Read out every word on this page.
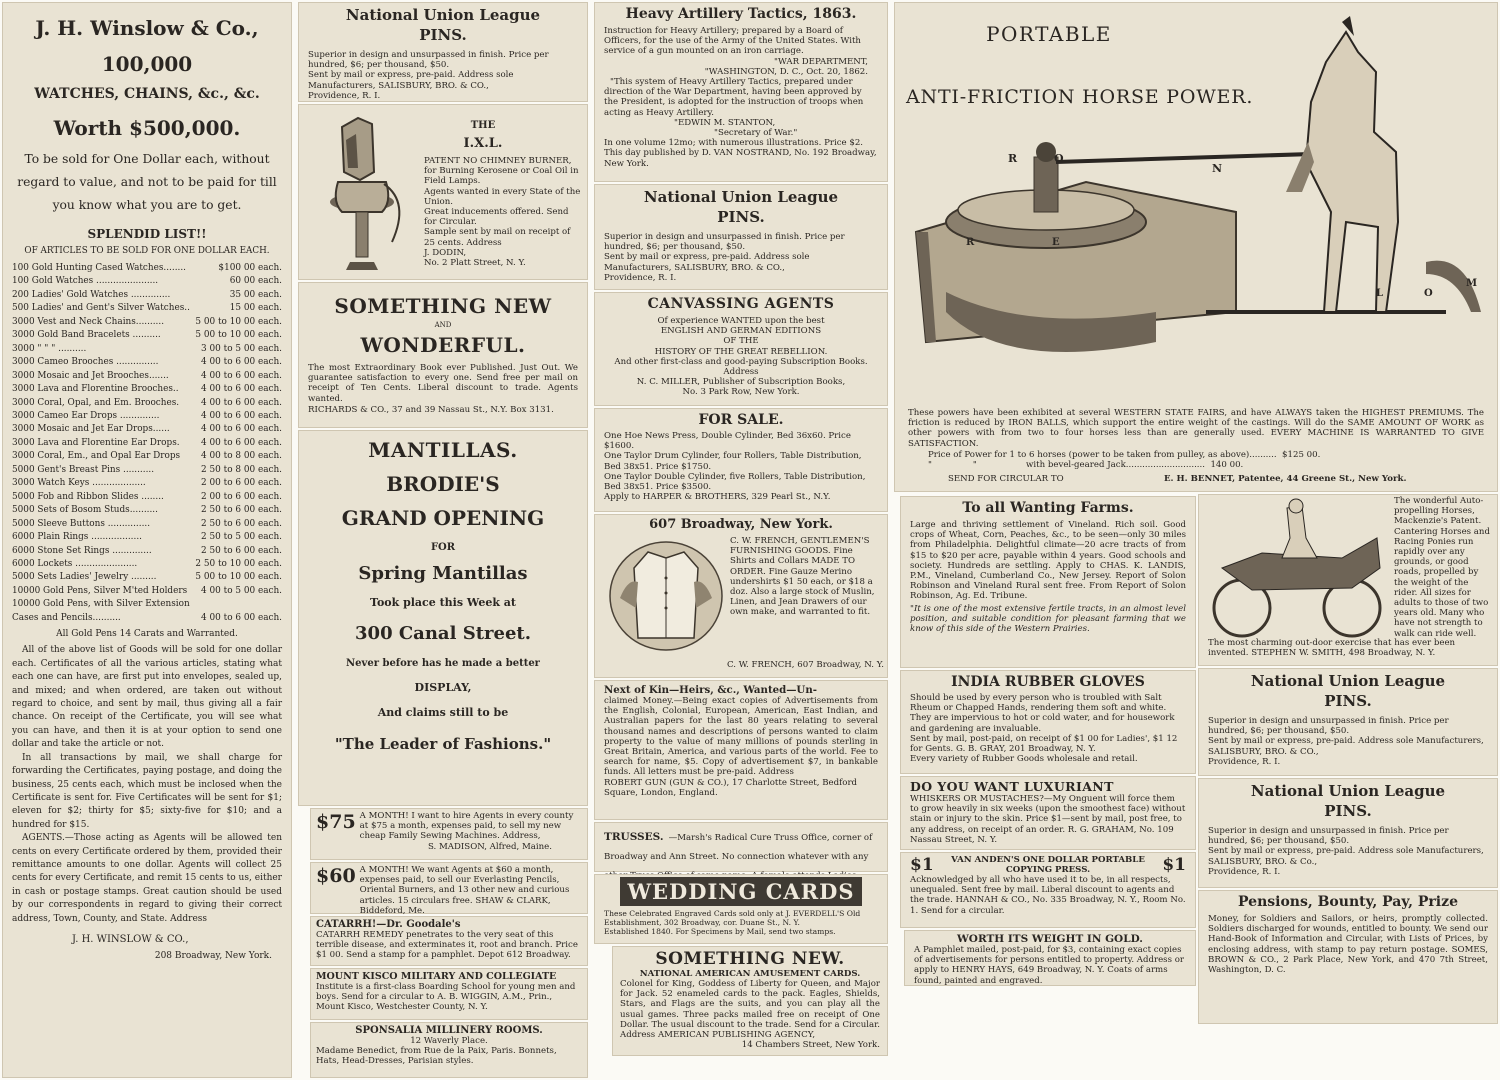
J. H. Winslow & Co.,
100,000
WATCHES, CHAINS, &c., &c.
Worth $500,000.
To be sold for One Dollar each, without regard to value, and not to be paid for till you know what you are to get.
SPLENDID LIST!!
OF ARTICLES TO BE SOLD FOR ONE DOLLAR EACH.
100 Gold Hunting Cased Watches........	$100 00 each.
100 Gold Watches ......................	60 00 each.
200 Ladies' Gold Watches ..............	35 00 each.
500 Ladies' and Gent's Silver Watches..	15 00 each.
3000 Vest and Neck Chains..........	5 00 to 10 00 each.
3000 Gold Band Bracelets ..........	5 00 to 10 00 each.
3000 " " " ..........	3 00 to 5 00 each.
3000 Cameo Brooches ...............	4 00 to 6 00 each.
3000 Mosaic and Jet Brooches.......	4 00 to 6 00 each.
3000 Lava and Florentine Brooches..	4 00 to 6 00 each.
3000 Coral, Opal, and Em. Brooches. 4 00 to 6 00 each.
3000 Cameo Ear Drops ..............	4 00 to 6 00 each.
3000 Mosaic and Jet Ear Drops......	4 00 to 6 00 each.
3000 Lava and Florentine Ear Drops. 4 00 to 6 00 each.
3000 Coral, Em., and Opal Ear Drops 4 00 to 8 00 each.
5000 Gent's Breast Pins ...........	2 50 to 8 00 each.
3000 Watch Keys ...................	2 00 to 6 00 each.
5000 Fob and Ribbon Slides ........	2 00 to 6 00 each.
5000 Sets of Bosom Studs..........	2 50 to 6 00 each.
5000 Sleeve Buttons ...............	2 50 to 6 00 each.
6000 Plain Rings ..................	2 50 to 5 00 each.
6000 Stone Set Rings ..............	2 50 to 6 00 each.
6000 Lockets ......................	2 50 to 10 00 each.
5000 Sets Ladies' Jewelry .........	5 00 to 10 00 each.
10000 Gold Pens, Silver M'ted Holders 4 00 to 5 00 each.
10000 Gold Pens, with Silver Extension
Cases and Pencils..........	4 00 to 6 00 each.
All Gold Pens 14 Carats and Warranted.
All of the above list of Goods will be sold for one dollar each. Certificates of all the various articles, stating what each one can have, are first put into envelopes, sealed up, and mixed; and when ordered, are taken out without regard to choice, and sent by mail, thus giving all a fair chance. On receipt of the Certificate, you will see what you can have, and then it is at your option to send one dollar and take the article or not.
In all transactions by mail, we shall charge for forwarding the Certificates, paying postage, and doing the business, 25 cents each, which must be inclosed when the Certificate is sent for. Five Certificates will be sent for $1; eleven for $2; thirty for $5; sixty-five for $10; and a hundred for $15.
AGENTS.—Those acting as Agents will be allowed ten cents on every Certificate ordered by them, provided their remittance amounts to one dollar. Agents will collect 25 cents for every Certificate, and remit 15 cents to us, either in cash or postage stamps. Great caution should be used by our correspondents in regard to giving their correct address, Town, County, and State. Address
J. H. WINSLOW & CO.,
208 Broadway, New York.
National Union League
PINS.
Superior in design and unsurpassed in finish. Price per hundred, $6; per thousand, $50.
Sent by mail or express, pre-paid. Address sole Manufacturers, SALISBURY, BRO. & CO.,
Providence, R. I.
THE
I.X.L.
PATENT NO CHIMNEY BURNER, for Burning Kerosene or Coal Oil in Field Lamps.
Agents wanted in every State of the Union.
Great inducements offered. Send for Circular.
Sample sent by mail on receipt of 25 cents. Address
J. DODIN,
No. 2 Platt Street, N. Y.
SOMETHING NEW
AND
WONDERFUL.
The most Extraordinary Book ever Published. Just Out. We guarantee satisfaction to every one. Send free per mail on receipt of Ten Cents. Liberal discount to trade. Agents wanted.
RICHARDS & CO., 37 and 39 Nassau St., N.Y. Box 3131.
MANTILLAS.
BRODIE'S
GRAND OPENING
FOR
Spring Mantillas
Took place this Week at
300 Canal Street.
Never before has he made a better
DISPLAY,
And claims still to be
"The Leader of Fashions."
$75 A MONTH! I want to hire Agents in every county at $75 a month, expenses paid, to sell my new cheap Family Sewing Machines. Address,
S. MADISON, Alfred, Maine.
$60 A MONTH! We want Agents at $60 a month, expenses paid, to sell our Everlasting Pencils, Oriental Burners, and 13 other new and curious articles. 15 circulars free. SHAW & CLARK, Biddeford, Me.
CATARRH!—Dr. Goodale's
CATARRH REMEDY penetrates to the very seat of this terrible disease, and exterminates it, root and branch. Price $1 00. Send a stamp for a pamphlet. Depot 612 Broadway.
MOUNT KISCO MILITARY AND COLLEGIATE
Institute is a first-class Boarding School for young men and boys. Send for a circular to A. B. WIGGIN, A.M., Prin., Mount Kisco, Westchester County, N. Y.
SPONSALIA MILLINERY ROOMS.
12 Waverly Place.
Madame Benedict, from Rue de la Paix, Paris. Bonnets, Hats, Head-Dresses, Parisian styles.
Heavy Artillery Tactics, 1863.
Instruction for Heavy Artillery; prepared by a Board of Officers, for the use of the Army of the United States. With service of a gun mounted on an iron carriage.
"WAR DEPARTMENT,
"WASHINGTON, D. C., Oct. 20, 1862.
"This system of Heavy Artillery Tactics, prepared under direction of the War Department, having been approved by the President, is adopted for the instruction of troops when acting as Heavy Artillery.
"EDWIN M. STANTON,
"Secretary of War."
In one volume 12mo; with numerous illustrations. Price $2. This day published by D. VAN NOSTRAND, No. 192 Broadway, New York.
National Union League
PINS.
Superior in design and unsurpassed in finish. Price per hundred, $6; per thousand, $50.
Sent by mail or express, pre-paid. Address sole Manufacturers, SALISBURY, BRO. & CO.,
Providence, R. I.
CANVASSING AGENTS
Of experience WANTED upon the best
ENGLISH AND GERMAN EDITIONS
OF THE
HISTORY OF THE GREAT REBELLION.
And other first-class and good-paying Subscription Books. Address
N. C. MILLER, Publisher of Subscription Books,
No. 3 Park Row, New York.
FOR SALE.
One Hoe News Press, Double Cylinder, Bed 36x60. Price $1600.
One Taylor Drum Cylinder, four Rollers, Table Distribution, Bed 38x51. Price $1750.
One Taylor Double Cylinder, five Rollers, Table Distribution, Bed 38x51. Price $3500.
Apply to HARPER & BROTHERS, 329 Pearl St., N.Y.
607 Broadway, New York.
C. W. FRENCH, GENTLEMEN'S FURNISHING GOODS. Fine Shirts and Collars MADE TO ORDER. Fine Gauze Merino undershirts $1 50 each, or $18 a doz. Also a large stock of Muslin, Linen, and Jean Drawers of our own make, and warranted to fit.
C. W. FRENCH, 607 Broadway, N. Y.
Next of Kin—Heirs, &c., Wanted—Un-
claimed Money.—Being exact copies of Advertisements from the English, Colonial, European, American, East Indian, and Australian papers for the last 80 years relating to several thousand names and descriptions of persons wanted to claim property to the value of many millions of pounds sterling in Great Britain, America, and various parts of the world. Fee to search for name, $5. Copy of advertisement $7, in bankable funds. All letters must be pre-paid. Address
ROBERT GUN (GUN & CO.), 17 Charlotte Street, Bedford Square, London, England.
TRUSSES. —Marsh's Radical Cure Truss Office, corner of Broadway and Ann Street. No connection whatever with any
WEDDING CARDS
These Celebrated Engraved Cards sold only at J. EVERDELL'S Old Establishment, 302 Broadway, cor. Duane St., N. Y.
Established 1840. For Specimens by Mail, send two stamps.
SOMETHING NEW.
NATIONAL AMERICAN AMUSEMENT CARDS.
Colonel for King, Goddess of Liberty for Queen, and Major for Jack. 52 enameled cards to the pack. Eagles, Shields, Stars, and Flags are the suits, and you can play all the usual games. Three packs mailed free on receipt of One Dollar. The usual discount to the trade. Send for a Circular. Address AMERICAN PUBLISHING AGENCY,
14 Chambers Street, New York.
PORTABLE
ANTI-FRICTION HORSE POWER.
R	O
N
R	E
L	O
M
These powers have been exhibited at several WESTERN STATE FAIRS, and have ALWAYS taken the HIGHEST PREMIUMS. The friction is reduced by IRON BALLS, which support the entire weight of the castings. Will do the SAME AMOUNT OF WORK as other powers with from two to four horses less than are generally used. EVERY MACHINE IS WARRANTED TO GIVE SATISFACTION.
Price of Power for 1 to 6 horses (power to be taken from pulley, as above)..........  $125 00.
"               "                  with bevel-geared Jack.............................  140 00.
SEND FOR CIRCULAR TO	E. H. BENNET, Patentee, 44 Greene St., New York.
To all Wanting Farms.
Large and thriving settlement of Vineland. Rich soil. Good crops of Wheat, Corn, Peaches, &c., to be seen—only 30 miles from Philadelphia. Delightful climate—20 acre tracts of from $15 to $20 per acre, payable within 4 years. Good schools and society. Hundreds are settling. Apply to CHAS. K. LANDIS, P.M., Vineland, Cumberland Co., New Jersey. Report of Solon Robinson and Vineland Rural sent free. From Report of Solon Robinson, Ag. Ed. Tribune.
"It is one of the most extensive fertile tracts, in an almost level position, and suitable condition for pleasant farming that we know of this side of the Western Prairies.
INDIA RUBBER GLOVES
Should be used by every person who is troubled with Salt Rheum or Chapped Hands, rendering them soft and white. They are impervious to hot or cold water, and for housework and gardening are invaluable.
Sent by mail, post-paid, on receipt of $1 00 for Ladies', $1 12 for Gents. G. B. GRAY, 201 Broadway, N. Y.
Every variety of Rubber Goods wholesale and retail.
DO YOU WANT LUXURIANT
WHISKERS OR MUSTACHES?—My Onguent will force them to grow heavily in six weeks (upon the smoothest face) without stain or injury to the skin. Price $1—sent by mail, post free, to any address, on receipt of an order. R. G. GRAHAM, No. 109 Nassau Street, N. Y.
$1	VAN ANDEN'S ONE DOLLAR PORTABLE COPYING PRESS.	$1
Acknowledged by all who have used it to be, in all respects, unequaled. Sent free by mail. Liberal discount to agents and the trade. HANNAH & CO., No. 335 Broadway, N. Y., Room No. 1. Send for a circular.
WORTH ITS WEIGHT IN GOLD.
A Pamphlet mailed, post-paid, for $3, containing exact copies of advertisements for persons entitled to property. Address or apply to HENRY HAYS, 649 Broadway, N. Y. Coats of arms found, painted and engraved.
The wonderful Auto-propelling Horses, Mackenzie's Patent. Cantering Horses and Racing Ponies run rapidly over any grounds, or good roads, propelled by the weight of the rider. All sizes for adults to those of two years old. Many who have not strength to walk can ride well.
The most charming out-door exercise that has ever been invented. STEPHEN W. SMITH, 498 Broadway, N. Y.
National Union League
PINS.
Superior in design and unsurpassed in finish. Price per hundred, $6; per thousand, $50.
Sent by mail or express, pre-paid. Address sole Manufacturers, SALISBURY, BRO. & CO.,
Providence, R. I.
National Union League
PINS.
Superior in design and unsurpassed in finish. Price per hundred, $6; per thousand, $50.
Sent by mail or express, pre-paid. Address sole Manufacturers, SALISBURY, BRO. & Co.,
Providence, R. I.
Pensions, Bounty, Pay, Prize
Money, for Soldiers and Sailors, or heirs, promptly collected. Soldiers discharged for wounds, entitled to bounty. We send our Hand-Book of Information and Circular, with Lists of Prices, by enclosing address, with stamp to pay return postage. SOMES, BROWN & CO., 2 Park Place, New York, and 470 7th Street, Washington, D. C.
